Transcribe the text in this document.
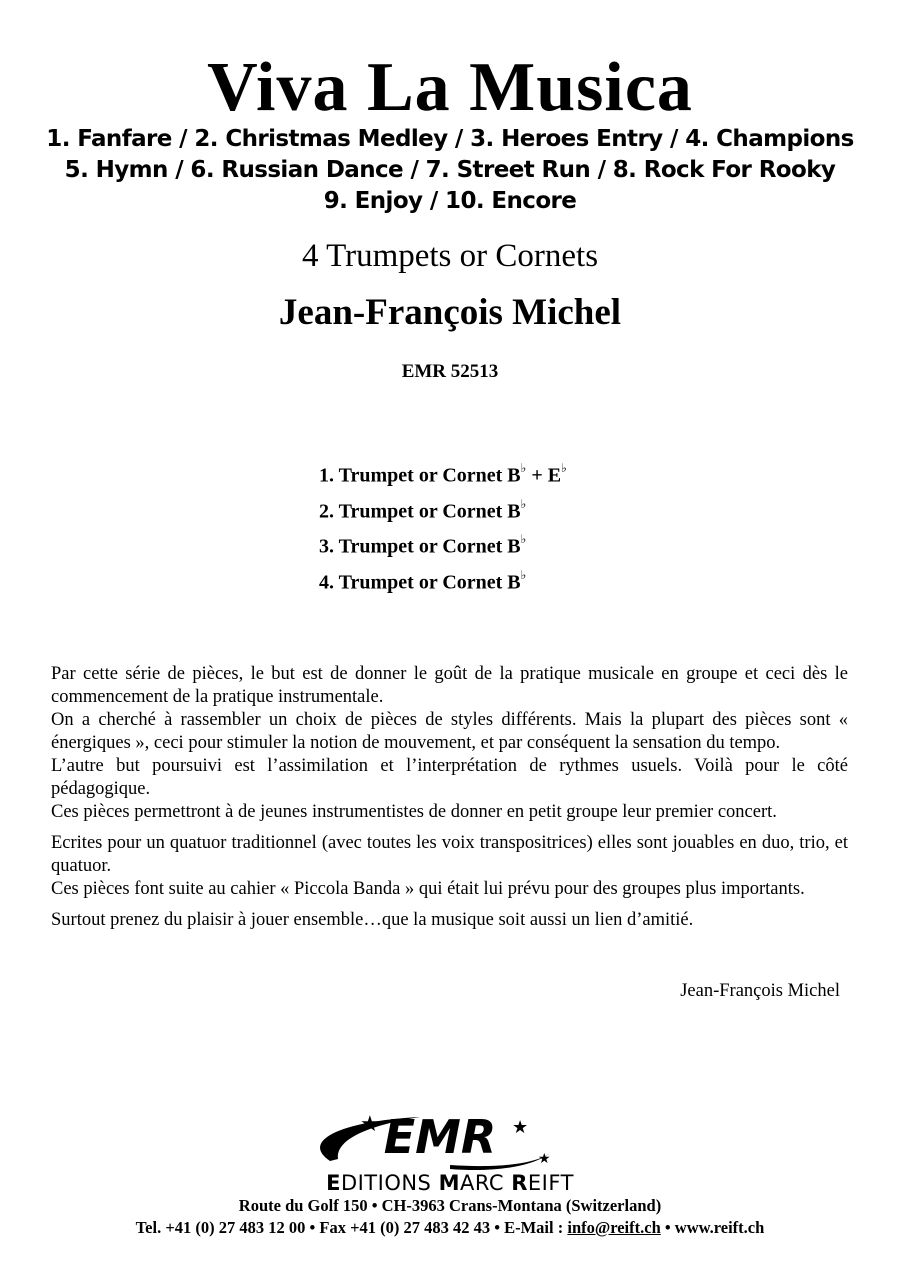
Viva La Musica
1. Fanfare / 2. Christmas Medley / 3. Heroes Entry / 4. Champions
5. Hymn / 6. Russian Dance / 7. Street Run / 8. Rock For Rooky
9. Enjoy / 10. Encore
4 Trumpets or Cornets
Jean-François Michel
EMR 52513
1. Trumpet or Cornet B♭ + E♭
2. Trumpet or Cornet B♭
3. Trumpet or Cornet B♭
4. Trumpet or Cornet B♭

Par cette série de pièces, le but est de donner le goût de la pratique musicale en groupe et ceci dès le commencement de la pratique instrumentale.

On a cherché à rassembler un choix de pièces de styles différents. Mais la plupart des pièces sont « énergiques », ceci pour stimuler la notion de mouvement, et par conséquent la sensation du tempo.

L’autre but poursuivi est l’assimilation et l’interprétation de rythmes usuels. Voilà pour le côté pédagogique.

Ces pièces permettront à de jeunes instrumentistes de donner en petit groupe leur premier concert.

Ecrites pour un quatuor traditionnel (avec toutes les voix transpositrices) elles sont jouables en duo, trio, et quatuor.

Ces pièces font suite au cahier « Piccola Banda » qui était lui prévu pour des groupes plus importants.

Surtout prenez du plaisir à jouer ensemble…que la musique soit aussi un lien d’amitié.

Jean-François Michel
EMR
★	★
★
EDITIONS MARC REIFT
Route du Golf 150 • CH-3963 Crans-Montana (Switzerland)
Tel. +41 (0) 27 483 12 00 • Fax +41 (0) 27 483 42 43 • E-Mail : info@reift.ch • www.reift.ch
